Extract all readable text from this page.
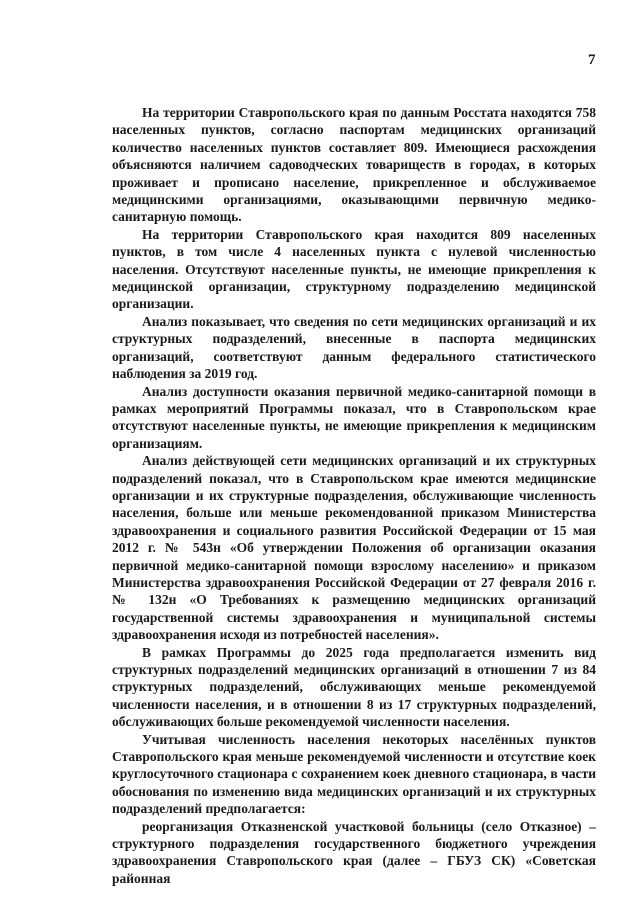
7

На территории Ставропольского края по данным Росстата находятся 758 населенных пунктов, согласно паспортам медицинских организаций количество населенных пунктов составляет 809. Имеющиеся расхождения объясняются наличием садоводческих товариществ в городах, в которых проживает и прописано население, прикрепленное и обслуживаемое медицинскими организациями, оказывающими первичную медико-санитарную помощь.

На территории Ставропольского края находится 809 населенных пунктов, в том числе 4 населенных пункта с нулевой численностью населения. Отсутствуют населенные пункты, не имеющие прикрепления к медицинской организации, структурному подразделению медицинской организации.

Анализ показывает, что сведения по сети медицинских организаций и их структурных подразделений, внесенные в паспорта медицинских организаций, соответствуют данным федерального статистического наблюдения за 2019 год.

Анализ доступности оказания первичной медико-санитарной помощи в рамках мероприятий Программы показал, что в Ставропольском крае отсутствуют населенные пункты, не имеющие прикрепления к медицинским организациям.

Анализ действующей сети медицинских организаций и их структурных подразделений показал, что в Ставропольском крае имеются медицинские организации и их структурные подразделения, обслуживающие численность населения, больше или меньше рекомендованной приказом Министерства здравоохранения и социального развития Российской Федерации от 15 мая 2012 г. № 543н «Об утверждении Положения об организации оказания первичной медико-санитарной помощи взрослому населению» и приказом Министерства здравоохранения Российской Федерации от 27 февраля 2016 г. № 132н «О Требованиях к размещению медицинских организаций государственной системы здравоохранения и муниципальной системы здравоохранения исходя из потребностей населения».

В рамках Программы до 2025 года предполагается изменить вид структурных подразделений медицинских организаций в отношении 7 из 84 структурных подразделений, обслуживающих меньше рекомендуемой численности населения, и в отношении 8 из 17 структурных подразделений, обслуживающих больше рекомендуемой численности населения.

Учитывая численность населения некоторых населённых пунктов Ставропольского края меньше рекомендуемой численности и отсутствие коек круглосуточного стационара с сохранением коек дневного стационара, в части обоснования по изменению вида медицинских организаций и их структурных подразделений предполагается:

реорганизация Отказненской участковой больницы (село Отказное) – структурного подразделения государственного бюджетного учреждения здравоохранения Ставропольского края (далее – ГБУЗ СК) «Советская районная
